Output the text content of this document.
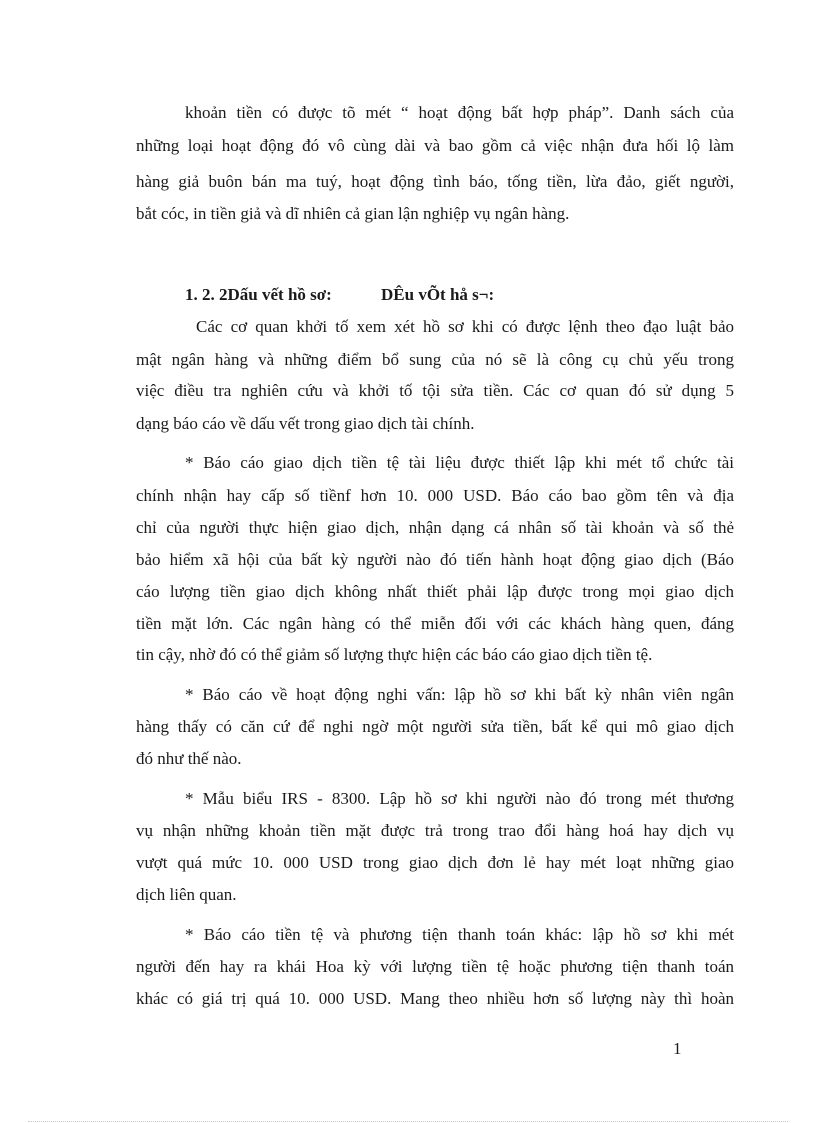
khoản tiền có được tõ mét “ hoạt động bất hợp pháp”. Danh sách của
những loại hoạt động đó vô cùng dài và bao gồm cả việc nhận đưa hối lộ làm
hàng giả buôn bán ma tuý, hoạt động tình báo, tống tiền, lừa đảo, giết người,
bắt cóc, in tiền giả và dĩ nhiên cả gian lận nghiệp vụ ngân hàng.
1. 2. 2Dấu vết hồ sơ:	DÊu vÕt hå s¬:
Các cơ quan khởi tố xem xét hồ sơ khi có được lệnh theo đạo luật bảo
mật ngân hàng và những điểm bổ sung của nó sẽ là công cụ chủ yếu trong
việc điều tra nghiên cứu và khởi tố tội sửa tiền. Các cơ quan đó sử dụng 5
dạng báo cáo về dấu vết trong giao dịch tài chính.
* Báo cáo giao dịch tiền tệ tài liệu được thiết lập khi mét tổ chức tài
chính nhận hay cấp số tiềnf hơn 10. 000 USD. Báo cáo bao gồm tên và địa
chỉ của người thực hiện giao dịch, nhận dạng cá nhân số tài khoản và số thẻ
bảo hiểm xã hội của bất kỳ người nào đó tiến hành hoạt động giao dịch (Báo
cáo lượng tiền giao dịch không nhất thiết phải lập được trong mọi giao dịch
tiền mặt lớn. Các ngân hàng có thể miễn đối với các khách hàng quen, đáng
tin cậy, nhờ đó có thể giảm số lượng thực hiện các báo cáo giao dịch tiền tệ.
* Báo cáo về hoạt động nghi vấn: lập hồ sơ khi bất kỳ nhân viên ngân
hàng thấy có căn cứ để nghi ngờ một người sửa tiền, bất kể qui mô giao dịch
đó như thế nào.
* Mẫu biểu IRS - 8300. Lập hồ sơ khi người nào đó trong mét thương
vụ nhận những khoản tiền mặt được trả trong trao đổi hàng hoá hay dịch vụ
vượt quá mức 10. 000 USD trong giao dịch đơn lẻ hay mét loạt những giao
dịch liên quan.
* Báo cáo tiền tệ và phương tiện thanh toán khác: lập hồ sơ khi mét
người đến hay ra khái Hoa kỳ với lượng tiền tệ hoặc phương tiện thanh toán
khác có giá trị quá 10. 000 USD. Mang theo nhiều hơn số lượng này thì hoàn
1
